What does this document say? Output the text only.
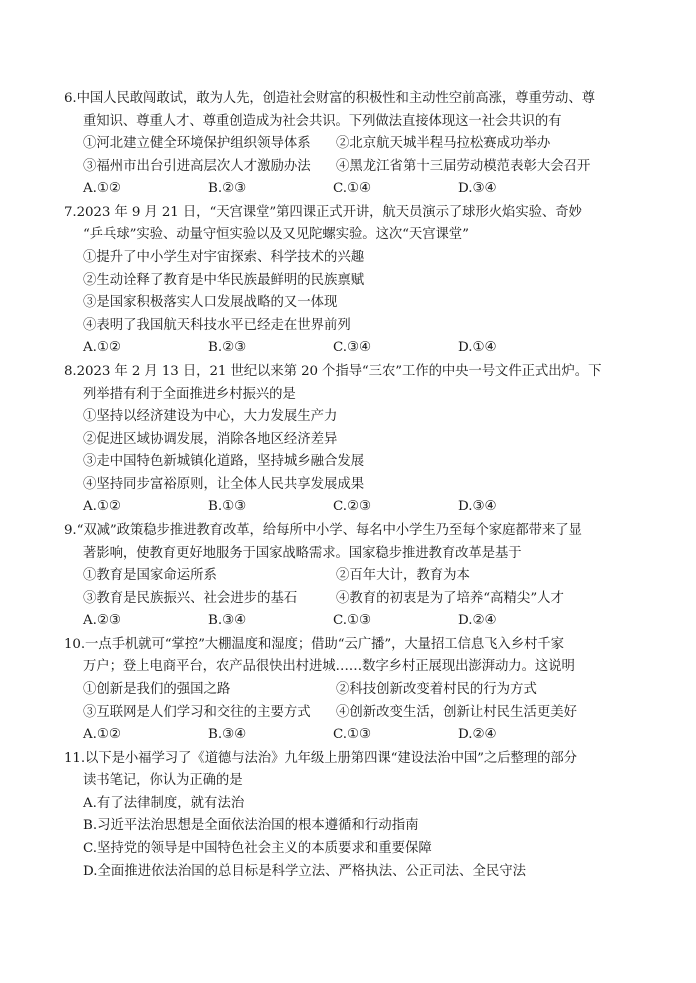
6.中国人民敢闯敢试，敢为人先，创造社会财富的积极性和主动性空前高涨，尊重劳动、尊
重知识、尊重人才、尊重创造成为社会共识。下列做法直接体现这一社会共识的有
①河北建立健全环境保护组织领导体系	②北京航天城半程马拉松赛成功举办
③福州市出台引进高层次人才激励办法	④黑龙江省第十三届劳动模范表彰大会召开
A.①②	B.②③	C.①④	D.③④
7.2023 年 9 月 21 日，“天宫课堂”第四课正式开讲，航天员演示了球形火焰实验、奇妙
“乒乓球”实验、动量守恒实验以及又见陀螺实验。这次“天宫课堂”
①提升了中小学生对宇宙探索、科学技术的兴趣
②生动诠释了教育是中华民族最鲜明的民族禀赋
③是国家积极落实人口发展战略的又一体现
④表明了我国航天科技水平已经走在世界前列
A.①②	B.②③	C.③④	D.①④
8.2023 年 2 月 13 日，21 世纪以来第 20 个指导“三农”工作的中央一号文件正式出炉。下
列举措有利于全面推进乡村振兴的是
①坚持以经济建设为中心，大力发展生产力
②促进区域协调发展，消除各地区经济差异
③走中国特色新城镇化道路，坚持城乡融合发展
④坚持同步富裕原则，让全体人民共享发展成果
A.①②	B.①③	C.②③	D.③④
9.“双减”政策稳步推进教育改革，给每所中小学、每名中小学生乃至每个家庭都带来了显
著影响，使教育更好地服务于国家战略需求。国家稳步推进教育改革是基于
①教育是国家命运所系	②百年大计，教育为本
③教育是民族振兴、社会进步的基石	④教育的初衷是为了培养“高精尖”人才
A.②③	B.③④	C.①③	D.②④
10.一点手机就可“掌控”大棚温度和湿度；借助“云广播”，大量招工信息飞入乡村千家
万户；登上电商平台，农产品很快出村进城……数字乡村正展现出澎湃动力。这说明
①创新是我们的强国之路	②科技创新改变着村民的行为方式
③互联网是人们学习和交往的主要方式	④创新改变生活，创新让村民生活更美好
A.①②	B.③④	C.①③	D.②④
11.以下是小福学习了《道德与法治》九年级上册第四课“建设法治中国”之后整理的部分
读书笔记，你认为正确的是
A.有了法律制度，就有法治
B.习近平法治思想是全面依法治国的根本遵循和行动指南
C.坚持党的领导是中国特色社会主义的本质要求和重要保障
D.全面推进依法治国的总目标是科学立法、严格执法、公正司法、全民守法
